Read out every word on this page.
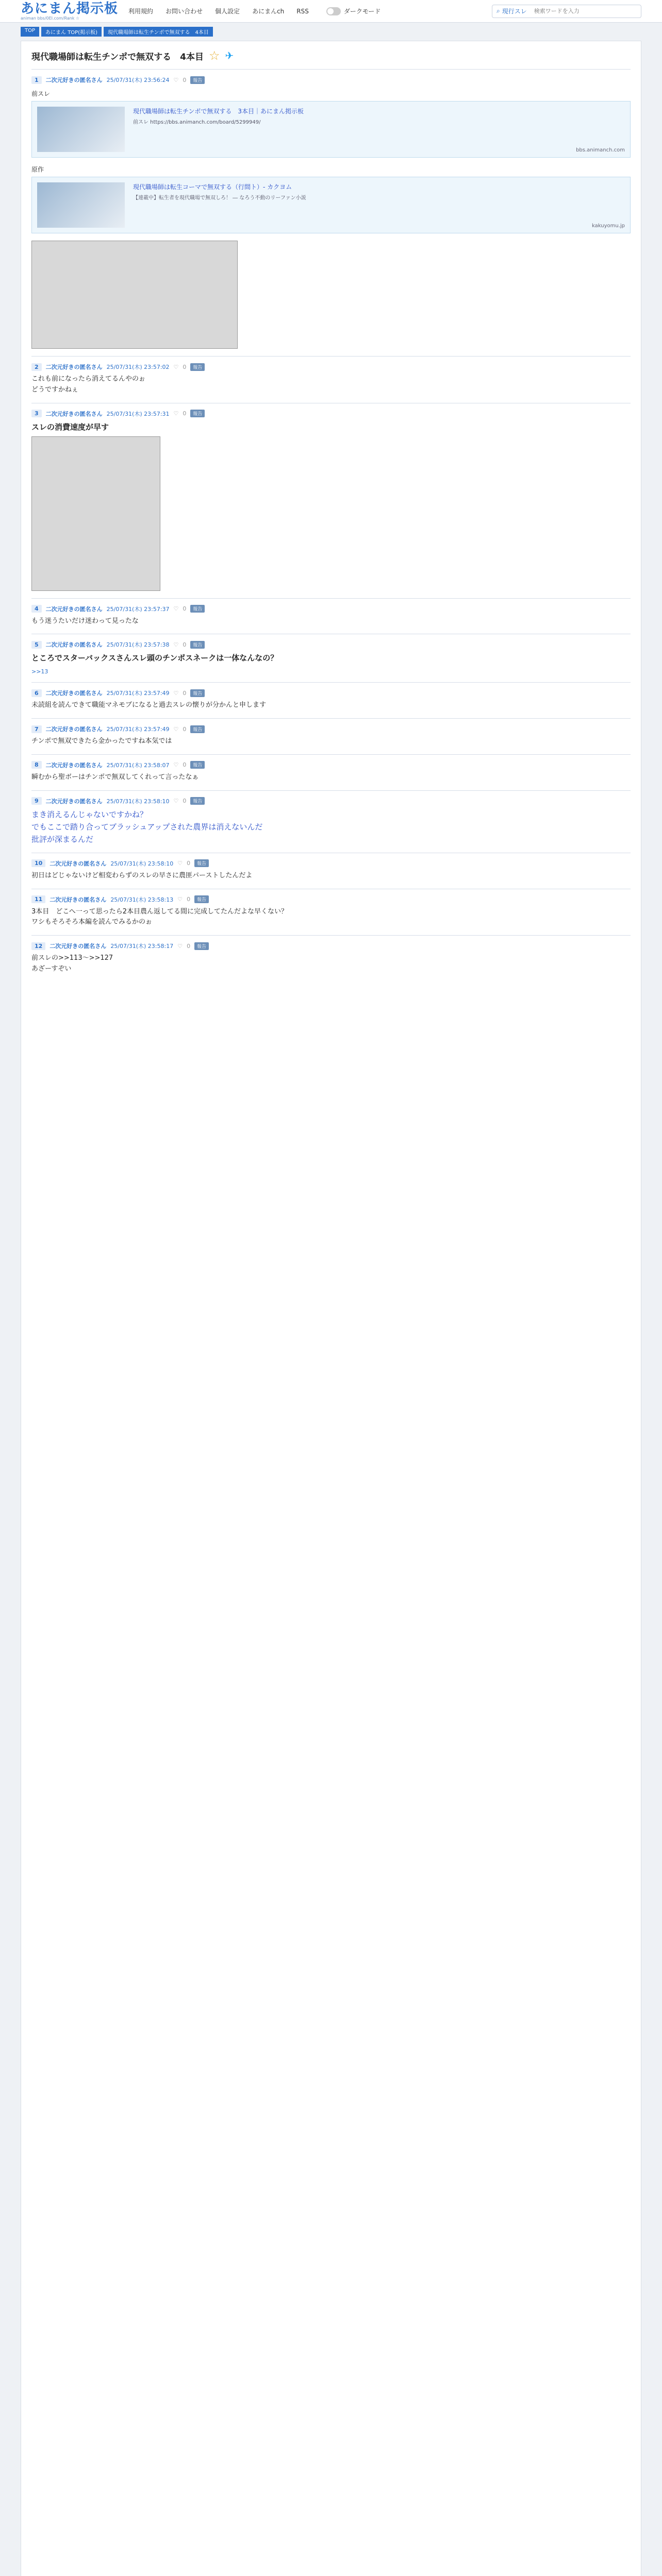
あにまん掲示板
animan bbs/0EI.com/Rank ☆
利用規約 お問い合わせ 個人設定 あにまんch RSS	ダークモード	⌕ 現行スレ
検索ワードを入力
TOP	あにまん TOP(掲示板)	現代職場師は転生チンポで無双する　4本目
現代職場師は転生チンポで無双する　4本目 ☆ ✈
1	二次元好きの匿名さん 25/07/31(木) 23:56:24 ♡ 0	報告
前スレ
現代職場師は転生チンポで無双する　3本目｜あにまん掲示板
前スレ https://bbs.animanch.com/board/5299949/
bbs.animanch.com
原作
現代職場師は転生コーマで無双する（行間ト）- カクヨム
【連載中】転生者を現代職場で無双しろ！ ― なろう不動のリーファン小説
kakuyomu.jp
2	二次元好きの匿名さん 25/07/31(木) 23:57:02 ♡ 0	報告
これも前になったら消えてるんやのぉ
どうですかねぇ
3	二次元好きの匿名さん 25/07/31(木) 23:57:31 ♡ 0	報告
スレの消費速度が早す
4	二次元好きの匿名さん 25/07/31(木) 23:57:37 ♡ 0	報告
もう迷うたいだけ迷わって見ったな
5	二次元好きの匿名さん 25/07/31(木) 23:57:38 ♡ 0	報告
ところでスターバックスさんスレ頭のチンポスネークは一体なんなの？
>>13
6	二次元好きの匿名さん 25/07/31(木) 23:57:49 ♡ 0	報告
未読組を読んできて職能マネモブになると過去スレの懐りが分かんと申します
7	二次元好きの匿名さん 25/07/31(木) 23:57:49 ♡ 0	報告
チンポで無双できたら金かったですね本気では
8	二次元好きの匿名さん 25/07/31(木) 23:58:07 ♡ 0	報告
瞬むから聖ボーはチンポで無双してくれって言ったなぁ
9	二次元好きの匿名さん 25/07/31(木) 23:58:10 ♡ 0	報告
まき消えるんじゃないですかね？
でもここで踏り合ってブラッシュアップされた農界は消えないんだ
批評が深まるんだ
10	二次元好きの匿名さん 25/07/31(木) 23:58:10 ♡ 0	報告
初日はどじゃないけど相変わらずのスレの早さに農匪パーストしたんだよ
11	二次元好きの匿名さん 25/07/31(木) 23:58:13 ♡ 0	報告
3本目　どこへ一って思ったら2本目農ん返してる間に完成してたんだよな早くない？
ワシもそろそろ本編を読んでみるかのぉ
12	二次元好きの匿名さん 25/07/31(木) 23:58:17 ♡ 0	報告
前スレの>>113～>>127
あざーすぞい
